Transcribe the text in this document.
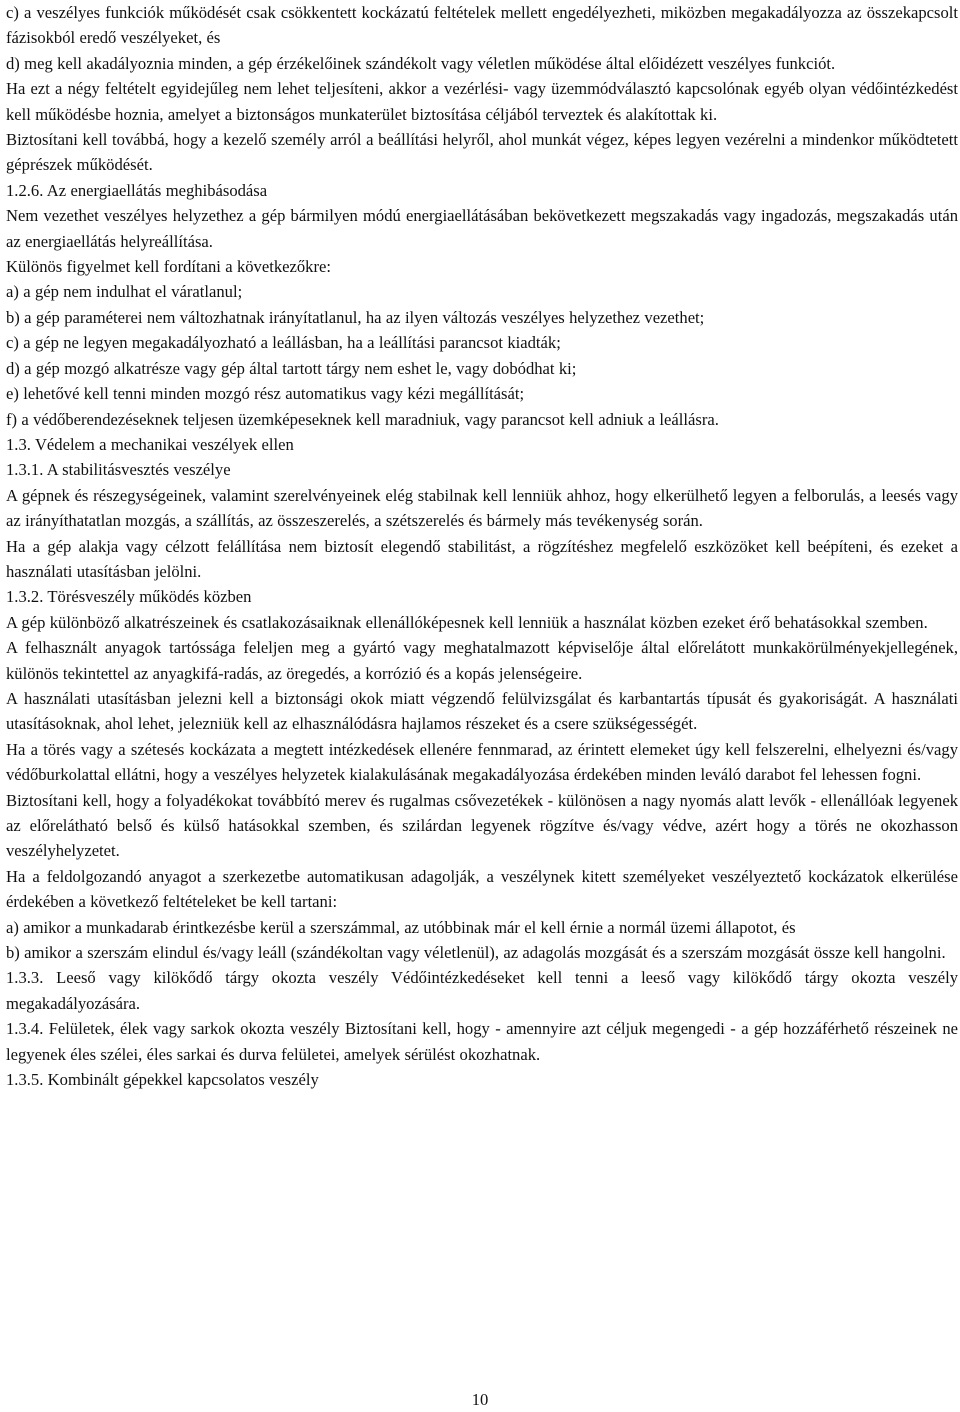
c) a veszélyes funkciók működését csak csökkentett kockázatú feltételek mellett engedélyezheti, miközben megakadályozza az összekapcsolt fázisokból eredő veszélyeket, és

d) meg kell akadályoznia minden, a gép érzékelőinek szándékolt vagy véletlen működése által előidézett veszélyes funkciót.

Ha ezt a négy feltételt egyidejűleg nem lehet teljesíteni, akkor a vezérlési- vagy üzemmódválasztó kapcsolónak egyéb olyan védőintézkedést kell működésbe hoznia, amelyet a biztonságos munkaterület biztosítása céljából terveztek és alakítottak ki.

Biztosítani kell továbbá, hogy a kezelő személy arról a beállítási helyről, ahol munkát végez, képes legyen vezérelni a mindenkor működtetett géprészek működését.

1.2.6. Az energiaellátás meghibásodása

Nem vezethet veszélyes helyzethez a gép bármilyen módú energiaellátásában bekövetkezett megszakadás vagy ingadozás, megszakadás után az energiaellátás helyreállítása.

Különös figyelmet kell fordítani a következőkre:

a) a gép nem indulhat el váratlanul;

b) a gép paraméterei nem változhatnak irányítatlanul, ha az ilyen változás veszélyes helyzethez vezethet;

c) a gép ne legyen megakadályozható a leállásban, ha a leállítási parancsot kiadták;

d) a gép mozgó alkatrésze vagy gép által tartott tárgy nem eshet le, vagy dobódhat ki;

e) lehetővé kell tenni minden mozgó rész automatikus vagy kézi megállítását;

f) a védőberendezéseknek teljesen üzemképeseknek kell maradniuk, vagy parancsot kell adniuk a leállásra.

1.3. Védelem a mechanikai veszélyek ellen

1.3.1. A stabilitásvesztés veszélye

A gépnek és részegységeinek, valamint szerelvényeinek elég stabilnak kell lenniük ahhoz, hogy elkerülhető legyen a felborulás, a leesés vagy az irányíthatatlan mozgás, a szállítás, az összeszerelés, a szétszerelés és bármely más tevékenység során.

Ha a gép alakja vagy célzott felállítása nem biztosít elegendő stabilitást, a rögzítéshez megfelelő eszközöket kell beépíteni, és ezeket a használati utasításban jelölni.

1.3.2. Törésveszély működés közben

A gép különböző alkatrészeinek és csatlakozásaiknak ellenállóképesnek kell lenniük a használat közben ezeket érő behatásokkal szemben.

A felhasznált anyagok tartóssága feleljen meg a gyártó vagy meghatalmazott képviselője által előrelátott munkakörülményekjellegének, különös tekintettel az anyagkifá-radás, az öregedés, a korrózió és a kopás jelenségeire.

A használati utasításban jelezni kell a biztonsági okok miatt végzendő felülvizsgálat és karbantartás típusát és gyakoriságát. A használati utasításoknak, ahol lehet, jelezniük kell az elhasználódásra hajlamos részeket és a csere szükségességét.

Ha a törés vagy a szétesés kockázata a megtett intézkedések ellenére fennmarad, az érintett elemeket úgy kell felszerelni, elhelyezni és/vagy védőburkolattal ellátni, hogy a veszélyes helyzetek kialakulásának megakadályozása érdekében minden leváló darabot fel lehessen fogni.

Biztosítani kell, hogy a folyadékokat továbbító merev és rugalmas csővezetékek - különösen a nagy nyomás alatt levők - ellenállóak legyenek az előrelátható belső és külső hatásokkal szemben, és szilárdan legyenek rögzítve és/vagy védve, azért hogy a törés ne okozhasson veszélyhelyzetet.

Ha a feldolgozandó anyagot a szerkezetbe automatikusan adagolják, a veszélynek kitett személyeket veszélyeztető kockázatok elkerülése érdekében a következő feltételeket be kell tartani:

a) amikor a munkadarab érintkezésbe kerül a szerszámmal, az utóbbinak már el kell érnie a normál üzemi állapotot, és

b) amikor a szerszám elindul és/vagy leáll (szándékoltan vagy véletlenül), az adagolás mozgását és a szerszám mozgását össze kell hangolni.

1.3.3. Leeső vagy kilökődő tárgy okozta veszély Védőintézkedéseket kell tenni a leeső vagy kilökődő tárgy okozta veszély megakadályozására.

1.3.4. Felületek, élek vagy sarkok okozta veszély Biztosítani kell, hogy - amennyire azt céljuk megengedi - a gép hozzáférhető részeinek ne legyenek éles szélei, éles sarkai és durva felületei, amelyek sérülést okozhatnak.

1.3.5. Kombinált gépekkel kapcsolatos veszély

10
